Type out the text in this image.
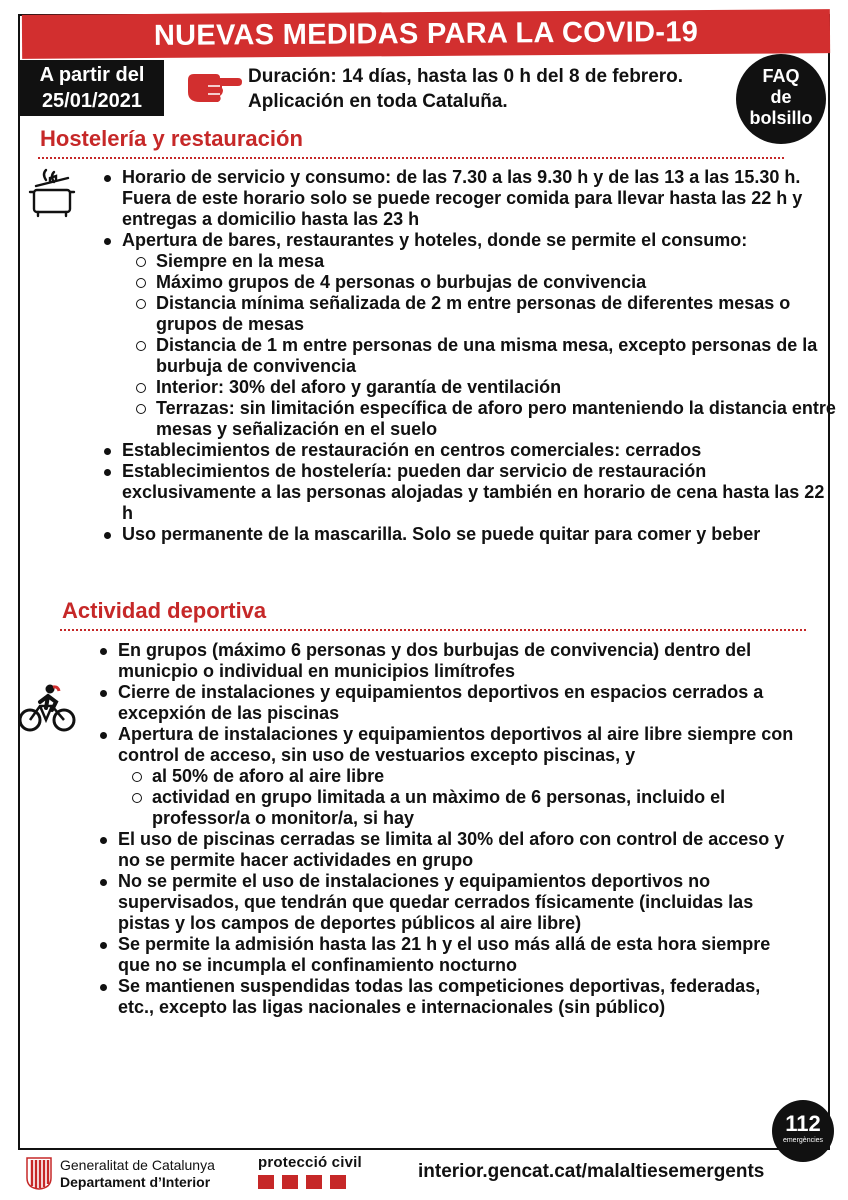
NUEVAS MEDIDAS PARA LA COVID-19
A partir del
25/01/2021
Duración: 14 días, hasta las 0 h del 8 de febrero.
Aplicación en toda Cataluña.
FAQ
de
bolsillo
Hostelería y restauración
Horario de servicio y consumo: de las 7.30 a las 9.30 h y de las 13 a las 15.30 h. Fuera de este horario solo se puede recoger comida para llevar hasta las 22 h y entregas a domicilio hasta las 23 h
Apertura de bares, restaurantes y hoteles, donde se permite el consumo:
Siempre en la mesa
Máximo grupos de 4 personas o burbujas de convivencia
Distancia mínima señalizada de 2 m entre personas de diferentes mesas o grupos de mesas
Distancia de 1 m entre personas de una misma mesa, excepto personas de la burbuja de convivencia
Interior: 30% del aforo y garantía de ventilación
Terrazas: sin limitación específica de aforo pero manteniendo la distancia entre mesas y señalización en el suelo
Establecimientos de restauración en centros comerciales: cerrados
Establecimientos de hostelería: pueden dar servicio de restauración exclusivamente a las personas alojadas y también en horario de cena hasta las 22 h
Uso permanente de la mascarilla. Solo se puede quitar para comer y beber
Actividad deportiva
En grupos (máximo 6 personas y dos burbujas de convivencia) dentro del municpio o individual en municipios limítrofes
Cierre de instalaciones y equipamientos deportivos en espacios cerrados a excepxión de las piscinas
Apertura de instalaciones y equipamientos deportivos al aire libre siempre con control de acceso, sin uso de vestuarios excepto piscinas, y
al 50% de aforo al aire libre
actividad en grupo limitada a un màximo de 6 personas, incluido el professor/a o monitor/a, si hay
El uso de piscinas cerradas se limita al 30% del aforo con control de acceso y no se permite hacer actividades en grupo
No se permite el uso de instalaciones y equipamientos deportivos no supervisados, que tendrán que quedar cerrados físicamente (incluidas las pistas y los campos de deportes públicos al aire libre)
Se permite la admisión hasta las 21 h y el uso más allá de esta hora siempre que no se incumpla el confinamiento nocturno
Se mantienen suspendidas todas las competiciones deportivas, federadas, etc., excepto las ligas nacionales e internacionales (sin público)
112
emergències
Generalitat de Catalunya
Departament d’Interior
protecció civil	interior.gencat.cat/malaltiesemergents
